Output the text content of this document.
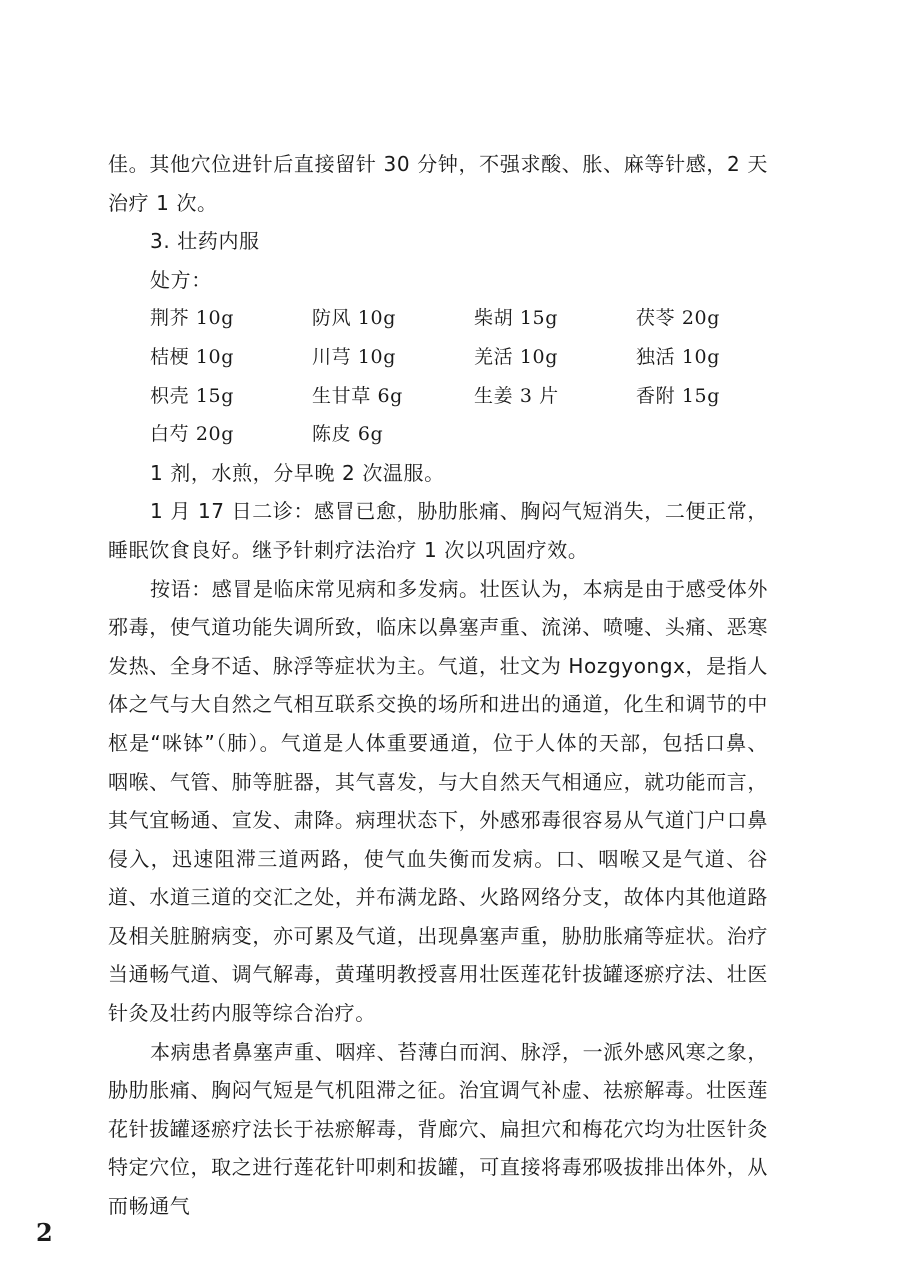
佳。其他穴位进针后直接留针 30 分钟，不强求酸、胀、麻等针感，2 天治疗 1 次。

3. 壮药内服

处方：

荆芥 10g	防风 10g	柴胡 15g	茯苓 20g
桔梗 10g	川芎 10g	羌活 10g	独活 10g
枳壳 15g	生甘草 6g	生姜 3 片	香附 15g
白芍 20g	陈皮 6g

1 剂，水煎，分早晚 2 次温服。

1 月 17 日二诊：感冒已愈，胁肋胀痛、胸闷气短消失，二便正常，睡眠饮食良好。继予针刺疗法治疗 1 次以巩固疗效。

按语：感冒是临床常见病和多发病。壮医认为，本病是由于感受体外邪毒，使气道功能失调所致，临床以鼻塞声重、流涕、喷嚏、头痛、恶寒发热、全身不适、脉浮等症状为主。气道，壮文为 Hozgyongx，是指人体之气与大自然之气相互联系交换的场所和进出的通道，化生和调节的中枢是“咪钵”（肺）。气道是人体重要通道，位于人体的天部，包括口鼻、咽喉、气管、肺等脏器，其气喜发，与大自然天气相通应，就功能而言，其气宜畅通、宣发、肃降。病理状态下，外感邪毒很容易从气道门户口鼻侵入，迅速阻滞三道两路，使气血失衡而发病。口、咽喉又是气道、谷道、水道三道的交汇之处，并布满龙路、火路网络分支，故体内其他道路及相关脏腑病变，亦可累及气道，出现鼻塞声重，胁肋胀痛等症状。治疗当通畅气道、调气解毒，黄瑾明教授喜用壮医莲花针拔罐逐瘀疗法、壮医针灸及壮药内服等综合治疗。

本病患者鼻塞声重、咽痒、苔薄白而润、脉浮，一派外感风寒之象，胁肋胀痛、胸闷气短是气机阻滞之征。治宜调气补虚、祛瘀解毒。壮医莲花针拔罐逐瘀疗法长于祛瘀解毒，背廊穴、扁担穴和梅花穴均为壮医针灸特定穴位，取之进行莲花针叩刺和拔罐，可直接将毒邪吸拔排出体外，从而畅通气

2
